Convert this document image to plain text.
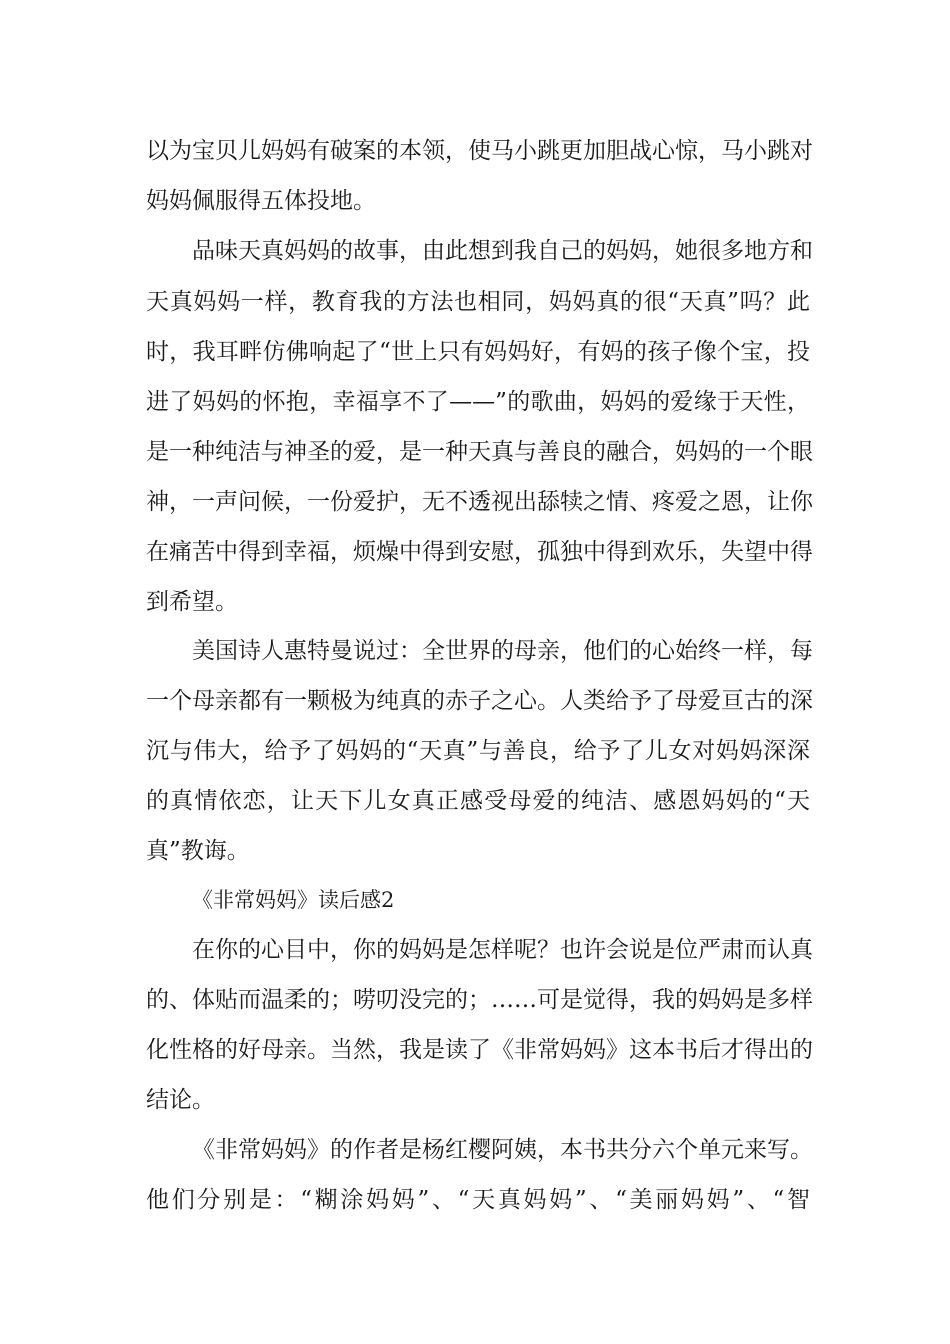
以为宝贝儿妈妈有破案的本领，使马小跳更加胆战心惊，马小跳对
妈妈佩服得五体投地。
品味天真妈妈的故事，由此想到我自己的妈妈，她很多地方和
天真妈妈一样，教育我的方法也相同，妈妈真的很“天真”吗？此
时，我耳畔仿佛响起了“世上只有妈妈好，有妈的孩子像个宝，投
进了妈妈的怀抱，幸福享不了——”的歌曲，妈妈的爱缘于天性，
是一种纯洁与神圣的爱，是一种天真与善良的融合，妈妈的一个眼
神，一声问候，一份爱护，无不透视出舔犊之情、疼爱之恩，让你
在痛苦中得到幸福，烦燥中得到安慰，孤独中得到欢乐，失望中得
到希望。
美国诗人惠特曼说过：全世界的母亲，他们的心始终一样，每
一个母亲都有一颗极为纯真的赤子之心。人类给予了母爱亘古的深
沉与伟大，给予了妈妈的“天真”与善良，给予了儿女对妈妈深深
的真情依恋，让天下儿女真正感受母爱的纯洁、感恩妈妈的“天
真”教诲。
《非常妈妈》读后感2
在你的心目中，你的妈妈是怎样呢？也许会说是位严肃而认真
的、体贴而温柔的；唠叨没完的；……可是觉得，我的妈妈是多样
化性格的好母亲。当然，我是读了《非常妈妈》这本书后才得出的
结论。
《非常妈妈》的作者是杨红樱阿姨，本书共分六个单元来写。
他们分别是：“糊涂妈妈”、“天真妈妈”、“美丽妈妈”、“智
